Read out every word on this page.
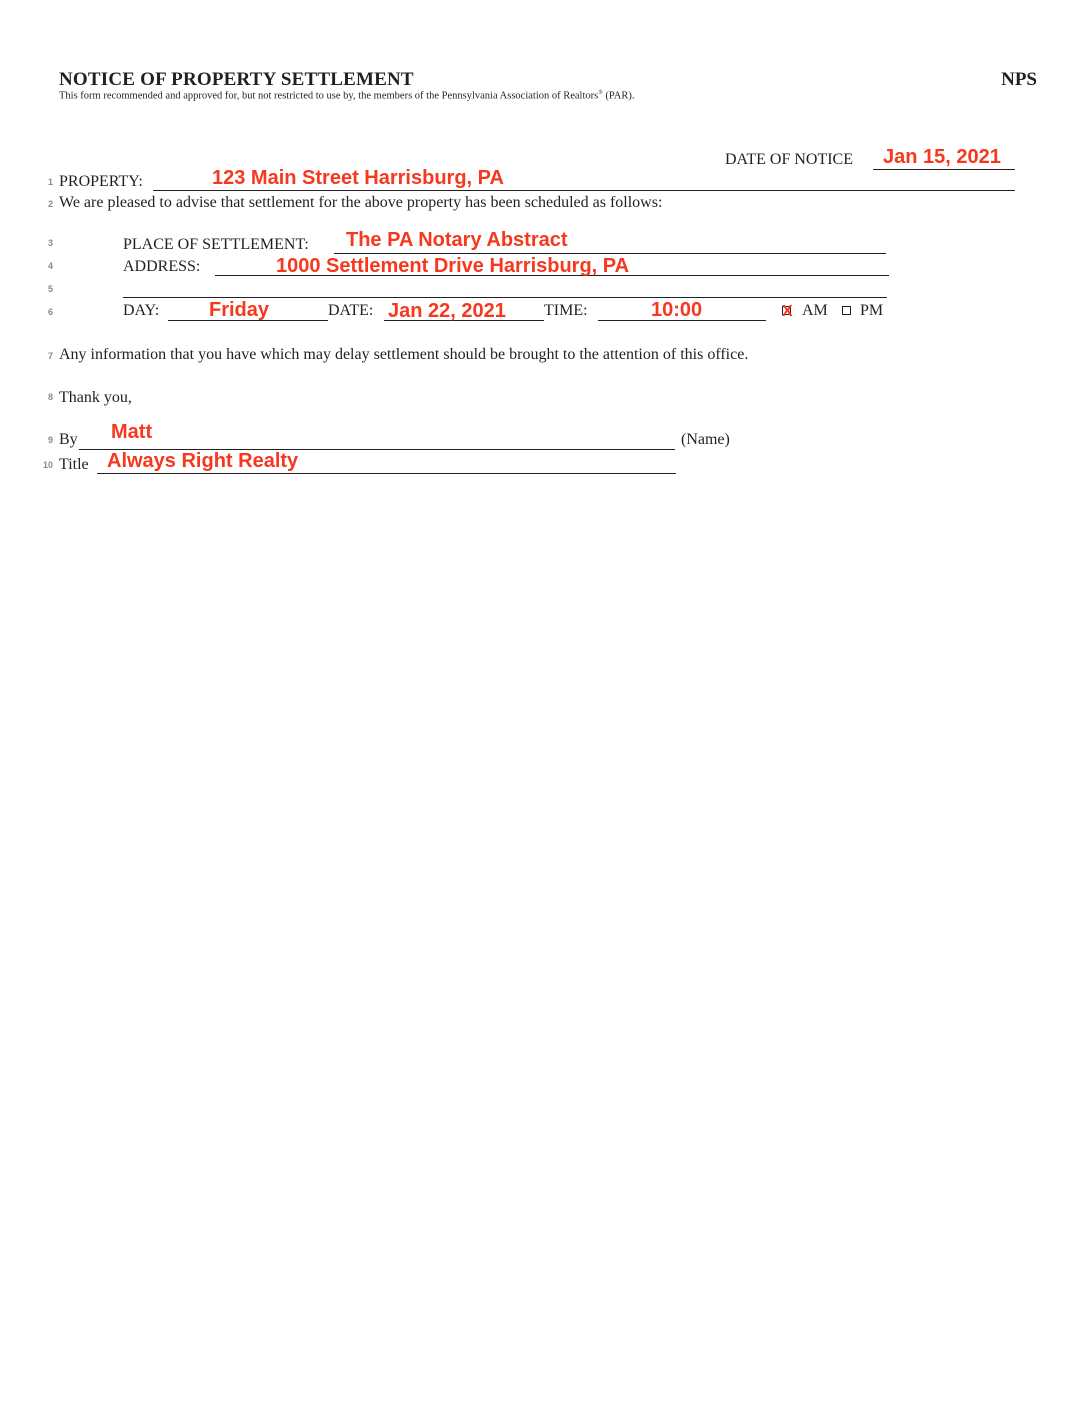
NOTICE OF PROPERTY SETTLEMENT	NPS
This form recommended and approved for, but not restricted to use by, the members of the Pennsylvania Association of Realtors® (PAR).
DATE OF NOTICE Jan 15, 2021
1 PROPERTY:	123 Main Street Harrisburg, PA
2 We are pleased to advise that settlement for the above property has been scheduled as follows:
3	PLACE OF SETTLEMENT: The PA Notary Abstract
4	ADDRESS:	1000 Settlement Drive Harrisburg, PA
5
6	DAY: Friday	DATE: Jan 22, 2021 TIME:	10:00	X AM PM
7 Any information that you have which may delay settlement should be brought to the attention of this office.
8 Thank you,
9 By Matt	(Name)
10 Title Always Right Realty
